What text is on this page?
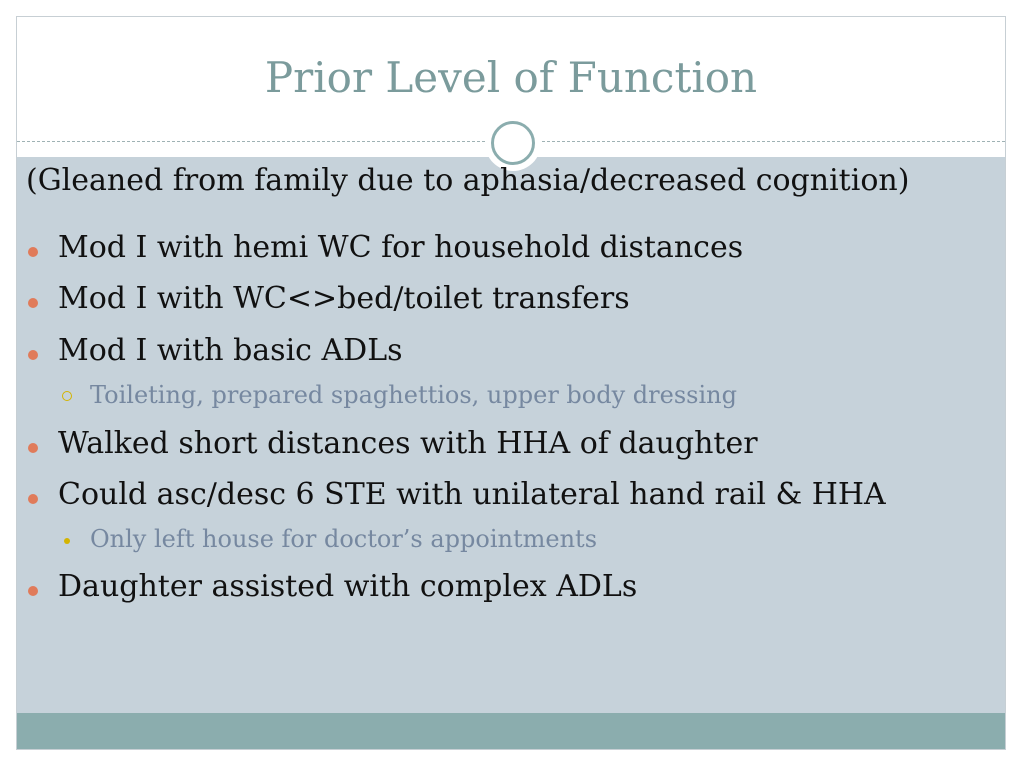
Prior Level of Function
(Gleaned from family due to aphasia/decreased cognition)
Mod I with hemi WC for household distances
Mod I with WC<>bed/toilet transfers
Mod I with basic ADLs
Toileting, prepared spaghettios, upper body dressing
Walked short distances with HHA of daughter
Could asc/desc 6 STE with unilateral hand rail & HHA
Only left house for doctor’s appointments
Daughter assisted with complex ADLs
